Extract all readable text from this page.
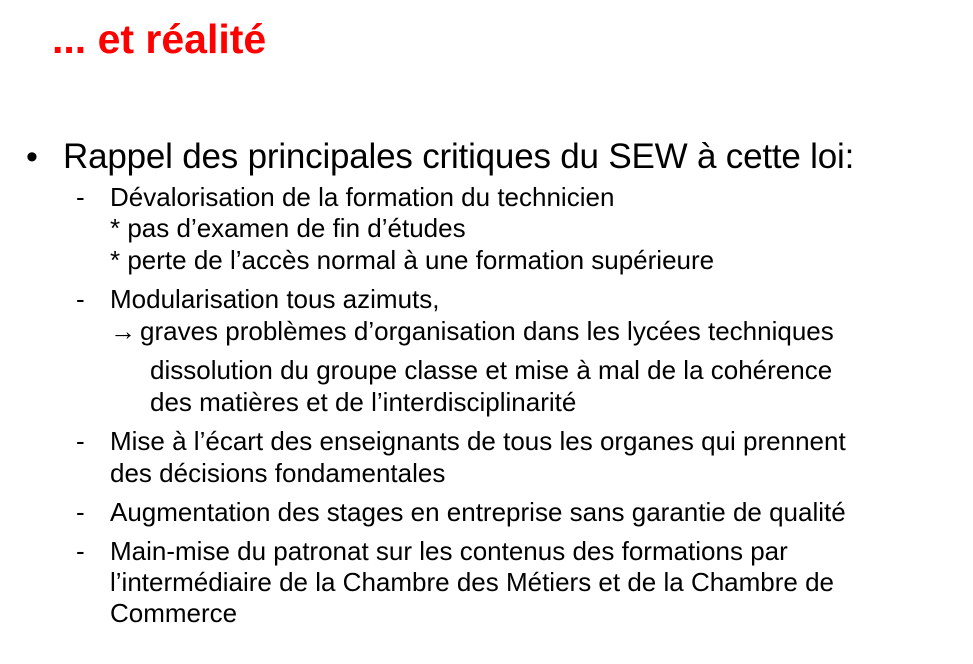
... et réalité
• Rappel des principales critiques du SEW à cette loi:
- Dévalorisation de la formation du technicien
* pas d’examen de fin d’études
* perte de l’accès normal à une formation supérieure
- Modularisation tous azimuts,
→ graves problèmes d’organisation dans les lycées techniques
dissolution du groupe classe et mise à mal de la cohérence
des matières et de l’interdisciplinarité
- Mise à l’écart des enseignants de tous les organes qui prennent
des décisions fondamentales
- Augmentation des stages en entreprise sans garantie de qualité
- Main-mise du patronat sur les contenus des formations par
l’intermédiaire de la Chambre des Métiers et de la Chambre de
Commerce
